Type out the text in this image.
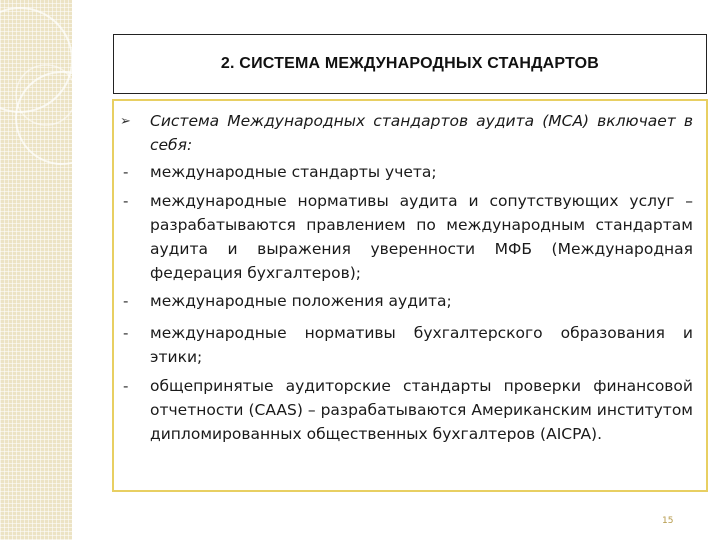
2. СИСТЕМА МЕЖДУНАРОДНЫХ СТАНДАРТОВ
➢ Система Международных стандартов аудита (МСА) включает в себя:

- международные стандарты учета;

- международные нормативы аудита и сопутствующих услуг – разрабатываются правлением по международным стандартам аудита и выражения уверенности МФБ (Международная федерация бухгалтеров);

- международные положения аудита;

- международные нормативы бухгалтерского образования и этики;

- общепринятые аудиторские стандарты проверки финансовой отчетности (CAAS) – разрабатываются Американским институтом дипломированных общественных бухгалтеров (AICPA).

15
